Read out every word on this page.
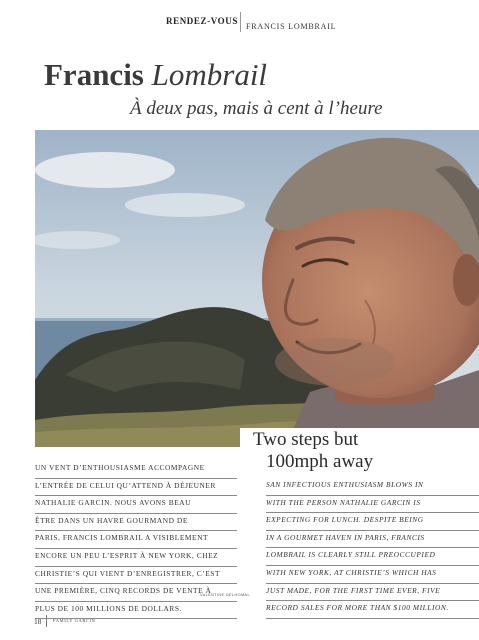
RENDEZ-VOUS
FRANCIS LOMBRAIL
Francis Lombrail
À deux pas, mais à cent à l’heure
Two steps but
100mph away
UN VENT D’ENTHOUSIASME ACCOMPAGNE
L’ENTRÉE DE CELUI QU’ATTEND À DÉJEUNER
NATHALIE GARCIN. NOUS AVONS BEAU
ÊTRE DANS UN HAVRE GOURMAND DE
PARIS, FRANCIS LOMBRAIL A VISIBLEMENT
ENCORE UN PEU L’ESPRIT À NEW YORK, CHEZ
CHRISTIE’S QUI VIENT D’ENREGISTRER, C’EST
UNE PREMIÈRE, CINQ RECORDS DE VENTE À
PLUS DE 100 MILLIONS DE DOLLARS.
SAN INFECTIOUS ENTHUSIASM BLOWS IN
WITH THE PERSON NATHALIE GARCIN IS
EXPECTING FOR LUNCH. DESPITE BEING
IN A GOURMET HAVEN IN PARIS, FRANCIS
LOMBRAIL IS CLEARLY STILL PREOCCUPIED
WITH NEW YORK, AT CHRISTIE’S WHICH HAS
JUST MADE, FOR THE FIRST TIME EVER, FIVE
RECORD SALES FOR MORE THAN $100 MILLION.
VALENTINE DELHOMAL
18	FAMILY GARCIN
